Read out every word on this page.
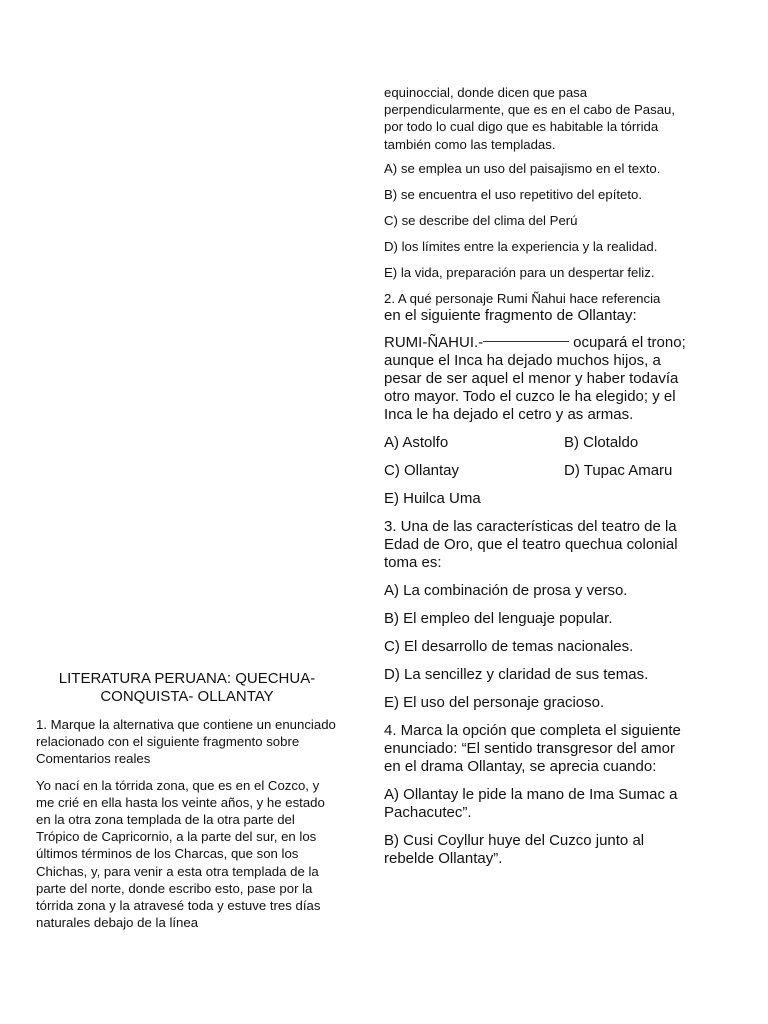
LITERATURA PERUANA: QUECHUA- CONQUISTA- OLLANTAY

1. Marque la alternativa que contiene un enunciado relacionado con el siguiente fragmento sobre Comentarios reales

Yo nací en la tórrida zona, que es en el Cozco, y me crié en ella hasta los veinte años, y he estado en la otra zona templada de la otra parte del Trópico de Capricornio, a la parte del sur, en los últimos términos de los Charcas, que son los Chichas, y, para venir a esta otra templada de la parte del norte, donde escribo esto, pase por la tórrida zona y la atravesé toda y estuve tres días naturales debajo de la línea

equinoccial, donde dicen que pasa perpendicularmente, que es en el cabo de Pasau, por todo lo cual digo que es habitable la tórrida también como las templadas.

A) se emplea un uso del paisajismo en el texto.
B) se encuentra el uso repetitivo del epíteto.
C) se describe del clima del Perú
D) los límites entre la experiencia y la realidad.
E) la vida, preparación para un despertar feliz.

2. A qué personaje Rumi Ñahui hace referencia

en el siguiente fragmento de Ollantay:

RUMI-ÑAHUI.-	ocupará el trono; aunque el Inca ha dejado muchos hijos, a pesar de ser aquel el menor y haber todavía otro mayor. Todo el cuzco le ha elegido; y el Inca le ha dejado el cetro y as armas.

A) Astolfo	B) Clotaldo
C) Ollantay	D) Tupac Amaru
E) Huilca Uma

3. Una de las características del teatro de la Edad de Oro, que el teatro quechua colonial toma es:

A) La combinación de prosa y verso.
B) El empleo del lenguaje popular.
C) El desarrollo de temas nacionales.
D) La sencillez y claridad de sus temas.
E) El uso del personaje gracioso.

4. Marca la opción que completa el siguiente enunciado: “El sentido transgresor del amor en el drama Ollantay, se aprecia cuando:

A) Ollantay le pide la mano de Ima Sumac a Pachacutec”.

B) Cusi Coyllur huye del Cuzco junto al rebelde Ollantay”.
